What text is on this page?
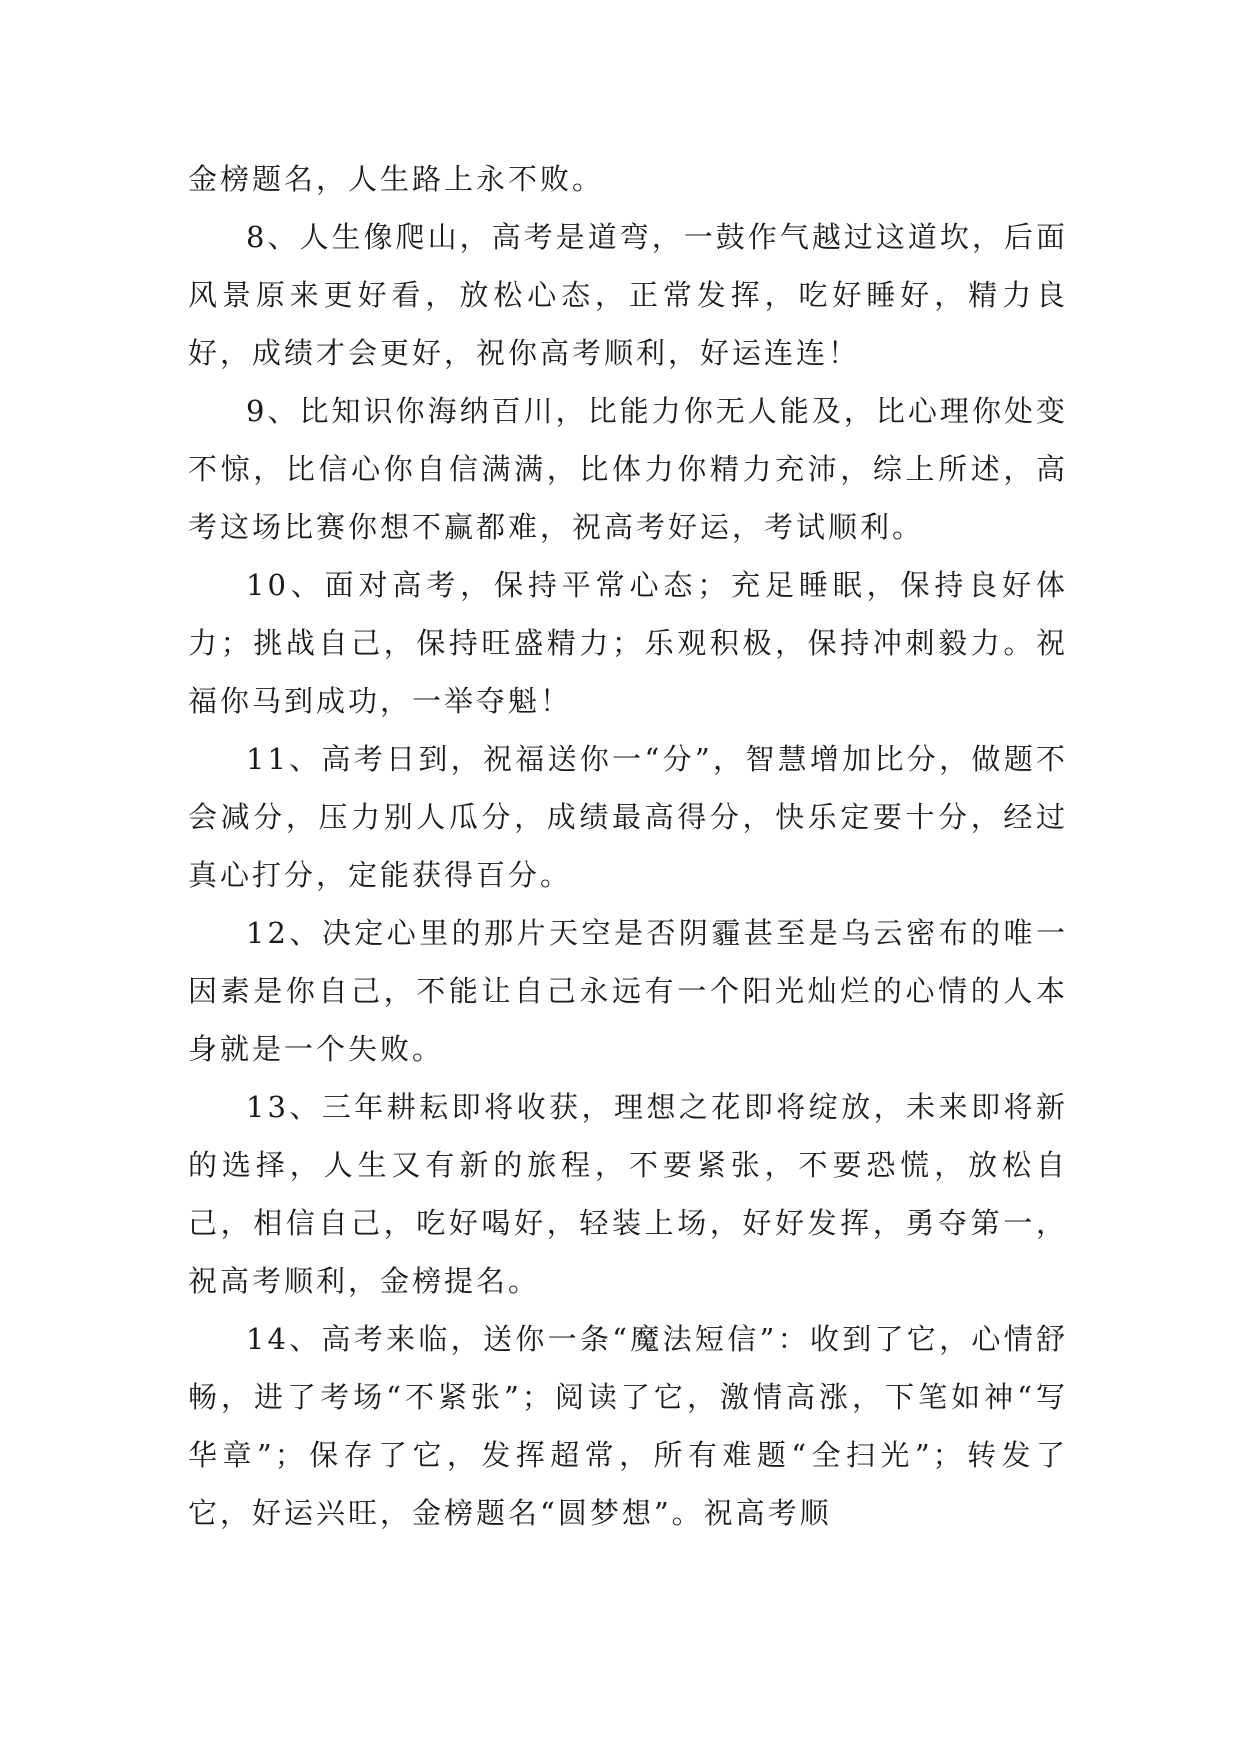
金榜题名，人生路上永不败。

8、人生像爬山，高考是道弯，一鼓作气越过这道坎，后面风景原来更好看，放松心态，正常发挥，吃好睡好，精力良好，成绩才会更好，祝你高考顺利，好运连连！

9、比知识你海纳百川，比能力你无人能及，比心理你处变不惊，比信心你自信满满，比体力你精力充沛，综上所述，高考这场比赛你想不赢都难，祝高考好运，考试顺利。

10、面对高考，保持平常心态；充足睡眠，保持良好体力；挑战自己，保持旺盛精力；乐观积极，保持冲刺毅力。祝福你马到成功，一举夺魁！

11、高考日到，祝福送你一“分”，智慧增加比分，做题不会减分，压力别人瓜分，成绩最高得分，快乐定要十分，经过真心打分，定能获得百分。

12、决定心里的那片天空是否阴霾甚至是乌云密布的唯一因素是你自己，不能让自己永远有一个阳光灿烂的心情的人本身就是一个失败。

13、三年耕耘即将收获，理想之花即将绽放，未来即将新的选择，人生又有新的旅程，不要紧张，不要恐慌，放松自己，相信自己，吃好喝好，轻装上场，好好发挥，勇夺第一，祝高考顺利，金榜提名。

14、高考来临，送你一条“魔法短信”：收到了它，心情舒畅，进了考场“不紧张”；阅读了它，激情高涨，下笔如神“写华章”；保存了它，发挥超常，所有难题“全扫光”；转发了它，好运兴旺，金榜题名“圆梦想”。祝高考顺
